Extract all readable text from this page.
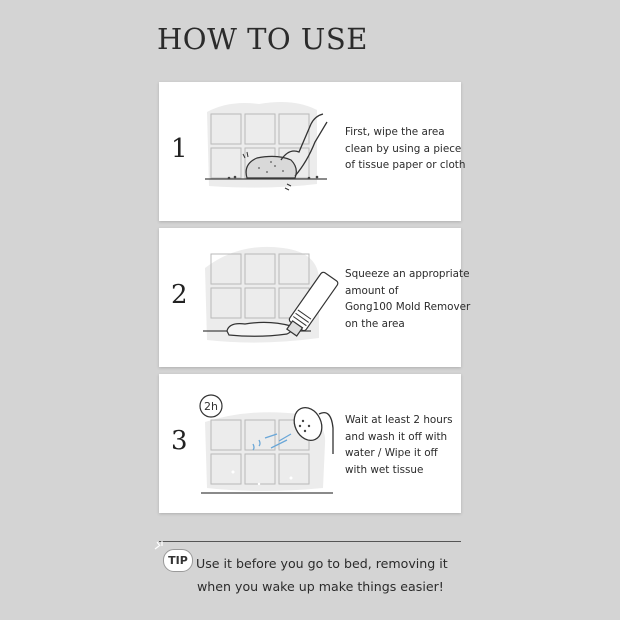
HOW TO USE
1
First, wipe the area
clean by using a piece
of tissue paper or cloth
2
Squeeze an appropriate
amount of
Gong100 Mold Remover
on the area
3
2h
Wait at least 2 hours
and wash it off with
water / Wipe it off
with wet tissue
TIP Use it before you go to bed, removing it
when you wake up make things easier!
